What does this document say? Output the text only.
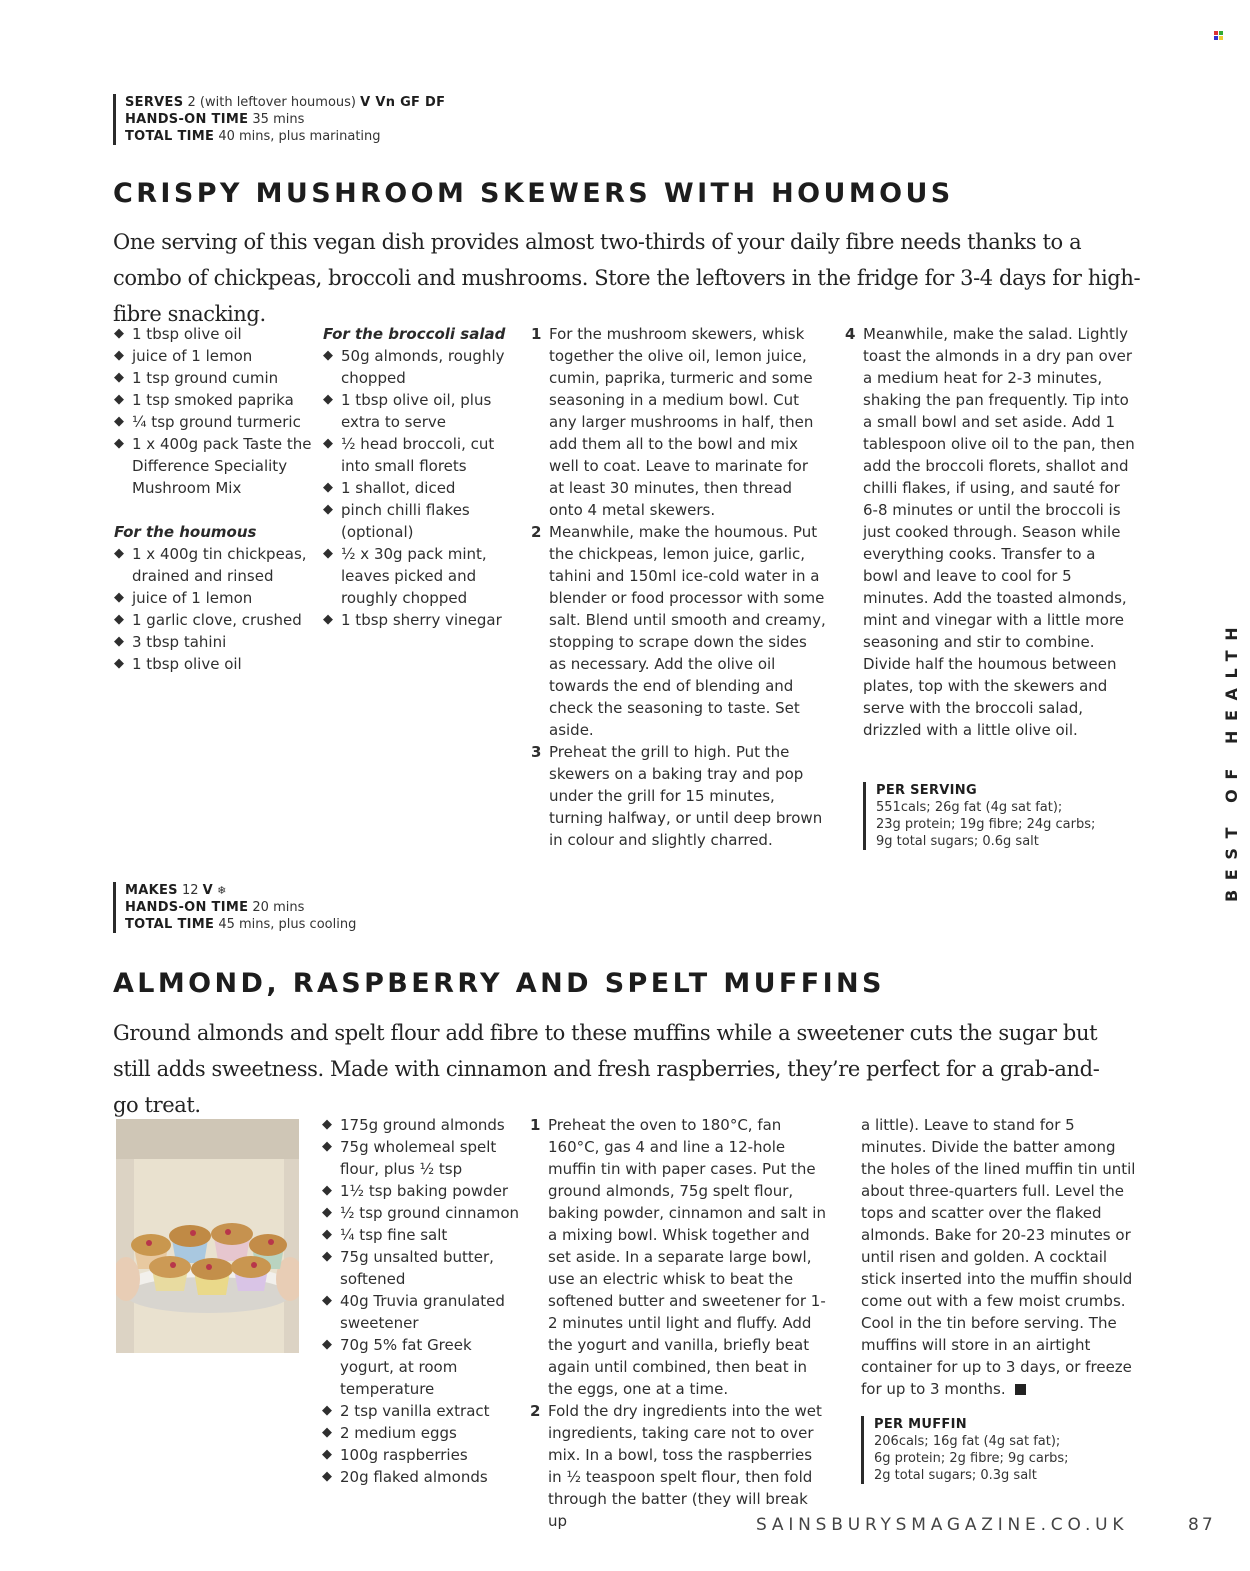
SERVES 2 (with leftover houmous) V Vn GF DF
HANDS-ON TIME 35 mins
TOTAL TIME 40 mins, plus marinating
CRISPY MUSHROOM SKEWERS WITH HOUMOUS
One serving of this vegan dish provides almost two-thirds of your daily fibre needs thanks to a combo of chickpeas, broccoli and mushrooms. Store the leftovers in the fridge for 3-4 days for high-fibre snacking.
◆ 1 tbsp olive oil
◆ juice of 1 lemon
◆ 1 tsp ground cumin
◆ 1 tsp smoked paprika
◆ ¼ tsp ground turmeric
◆ 1 x 400g pack Taste the Difference Speciality Mushroom Mix
For the houmous
◆ 1 x 400g tin chickpeas, drained and rinsed
◆ juice of 1 lemon
◆ 1 garlic clove, crushed
◆ 3 tbsp tahini
◆ 1 tbsp olive oil
For the broccoli salad
◆ 50g almonds, roughly chopped
◆ 1 tbsp olive oil, plus extra to serve
◆ ½ head broccoli, cut into small florets
◆ 1 shallot, diced
◆ pinch chilli flakes (optional)
◆ ½ x 30g pack mint, leaves picked and roughly chopped
◆ 1 tbsp sherry vinegar
1 For the mushroom skewers, whisk together the olive oil, lemon juice, cumin, paprika, turmeric and some seasoning in a medium bowl. Cut any larger mushrooms in half, then add them all to the bowl and mix well to coat. Leave to marinate for at least 30 minutes, then thread onto 4 metal skewers.
2 Meanwhile, make the houmous. Put the chickpeas, lemon juice, garlic, tahini and 150ml ice-cold water in a blender or food processor with some salt. Blend until smooth and creamy, stopping to scrape down the sides as necessary. Add the olive oil towards the end of blending and check the seasoning to taste. Set aside.
3 Preheat the grill to high. Put the skewers on a baking tray and pop under the grill for 15 minutes, turning halfway, or until deep brown in colour and slightly charred.
4 Meanwhile, make the salad. Lightly toast the almonds in a dry pan over a medium heat for 2-3 minutes, shaking the pan frequently. Tip into a small bowl and set aside. Add 1 tablespoon olive oil to the pan, then add the broccoli florets, shallot and chilli flakes, if using, and sauté for 6-8 minutes or until the broccoli is just cooked through. Season while everything cooks. Transfer to a bowl and leave to cool for 5 minutes. Add the toasted almonds, mint and vinegar with a little more seasoning and stir to combine. Divide half the houmous between plates, top with the skewers and serve with the broccoli salad, drizzled with a little olive oil.
PER SERVING
551cals; 26g fat (4g sat fat);
23g protein; 19g fibre; 24g carbs;
9g total sugars; 0.6g salt
MAKES 12 V ❄
HANDS-ON TIME 20 mins
TOTAL TIME 45 mins, plus cooling
ALMOND, RASPBERRY AND SPELT MUFFINS
Ground almonds and spelt flour add fibre to these muffins while a sweetener cuts the sugar but still adds sweetness. Made with cinnamon and fresh raspberries, they’re perfect for a grab-and-go treat.
◆ 175g ground almonds
◆ 75g wholemeal spelt flour, plus ½ tsp
◆ 1½ tsp baking powder
◆ ½ tsp ground cinnamon
◆ ¼ tsp fine salt
◆ 75g unsalted butter, softened
◆ 40g Truvia granulated sweetener
◆ 70g 5% fat Greek yogurt, at room temperature
◆ 2 tsp vanilla extract
◆ 2 medium eggs
◆ 100g raspberries
◆ 20g flaked almonds
1 Preheat the oven to 180°C, fan 160°C, gas 4 and line a 12-hole muffin tin with paper cases. Put the ground almonds, 75g spelt flour, baking powder, cinnamon and salt in a mixing bowl. Whisk together and set aside. In a separate large bowl, use an electric whisk to beat the softened butter and sweetener for 1-2 minutes until light and fluffy. Add the yogurt and vanilla, briefly beat again until combined, then beat in the eggs, one at a time.
2 Fold the dry ingredients into the wet ingredients, taking care not to over mix. In a bowl, toss the raspberries in ½ teaspoon spelt flour, then fold through the batter (they will break up
a little). Leave to stand for 5 minutes. Divide the batter among the holes of the lined muffin tin until about three-quarters full. Level the tops and scatter over the flaked almonds. Bake for 20-23 minutes or until risen and golden. A cocktail stick inserted into the muffin should come out with a few moist crumbs. Cool in the tin before serving. The muffins will store in an airtight container for up to 3 days, or freeze for up to 3 months.
PER MUFFIN
206cals; 16g fat (4g sat fat);
6g protein; 2g fibre; 9g carbs;
2g total sugars; 0.3g salt
BEST OF HEALTH
SAINSBURYSMAGAZINE.CO.UK	87
